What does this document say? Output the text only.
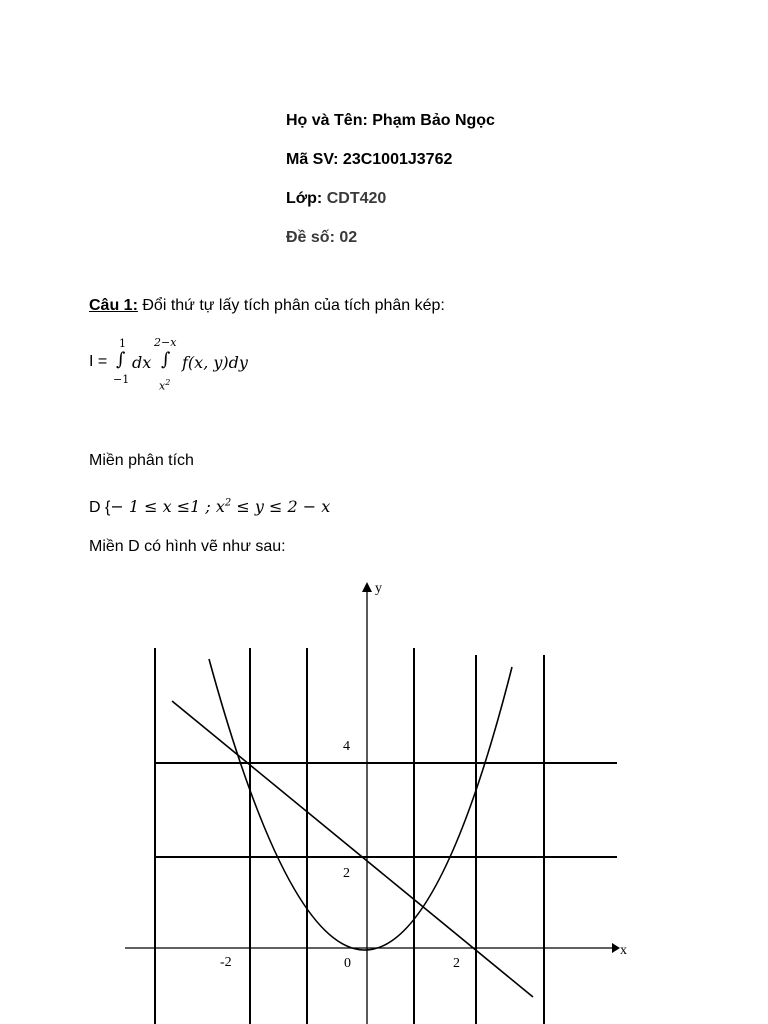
Họ và Tên: Phạm Bảo Ngọc
Mã SV: 23C1001J3762
Lớp: CDT420
Đề số: 02
Câu 1: Đổi thứ tự lấy tích phân của tích phân kép:
I =
1
∫
−1
dx
2−x
∫
$x^2$
f(x, y)dy
Miền phân tích
D {− 1 ≤ x ≤1 ; $x^2 \le y \le 2 - x$
Miền D có hình vẽ như sau:
y
x
4
2
-2	0	2
